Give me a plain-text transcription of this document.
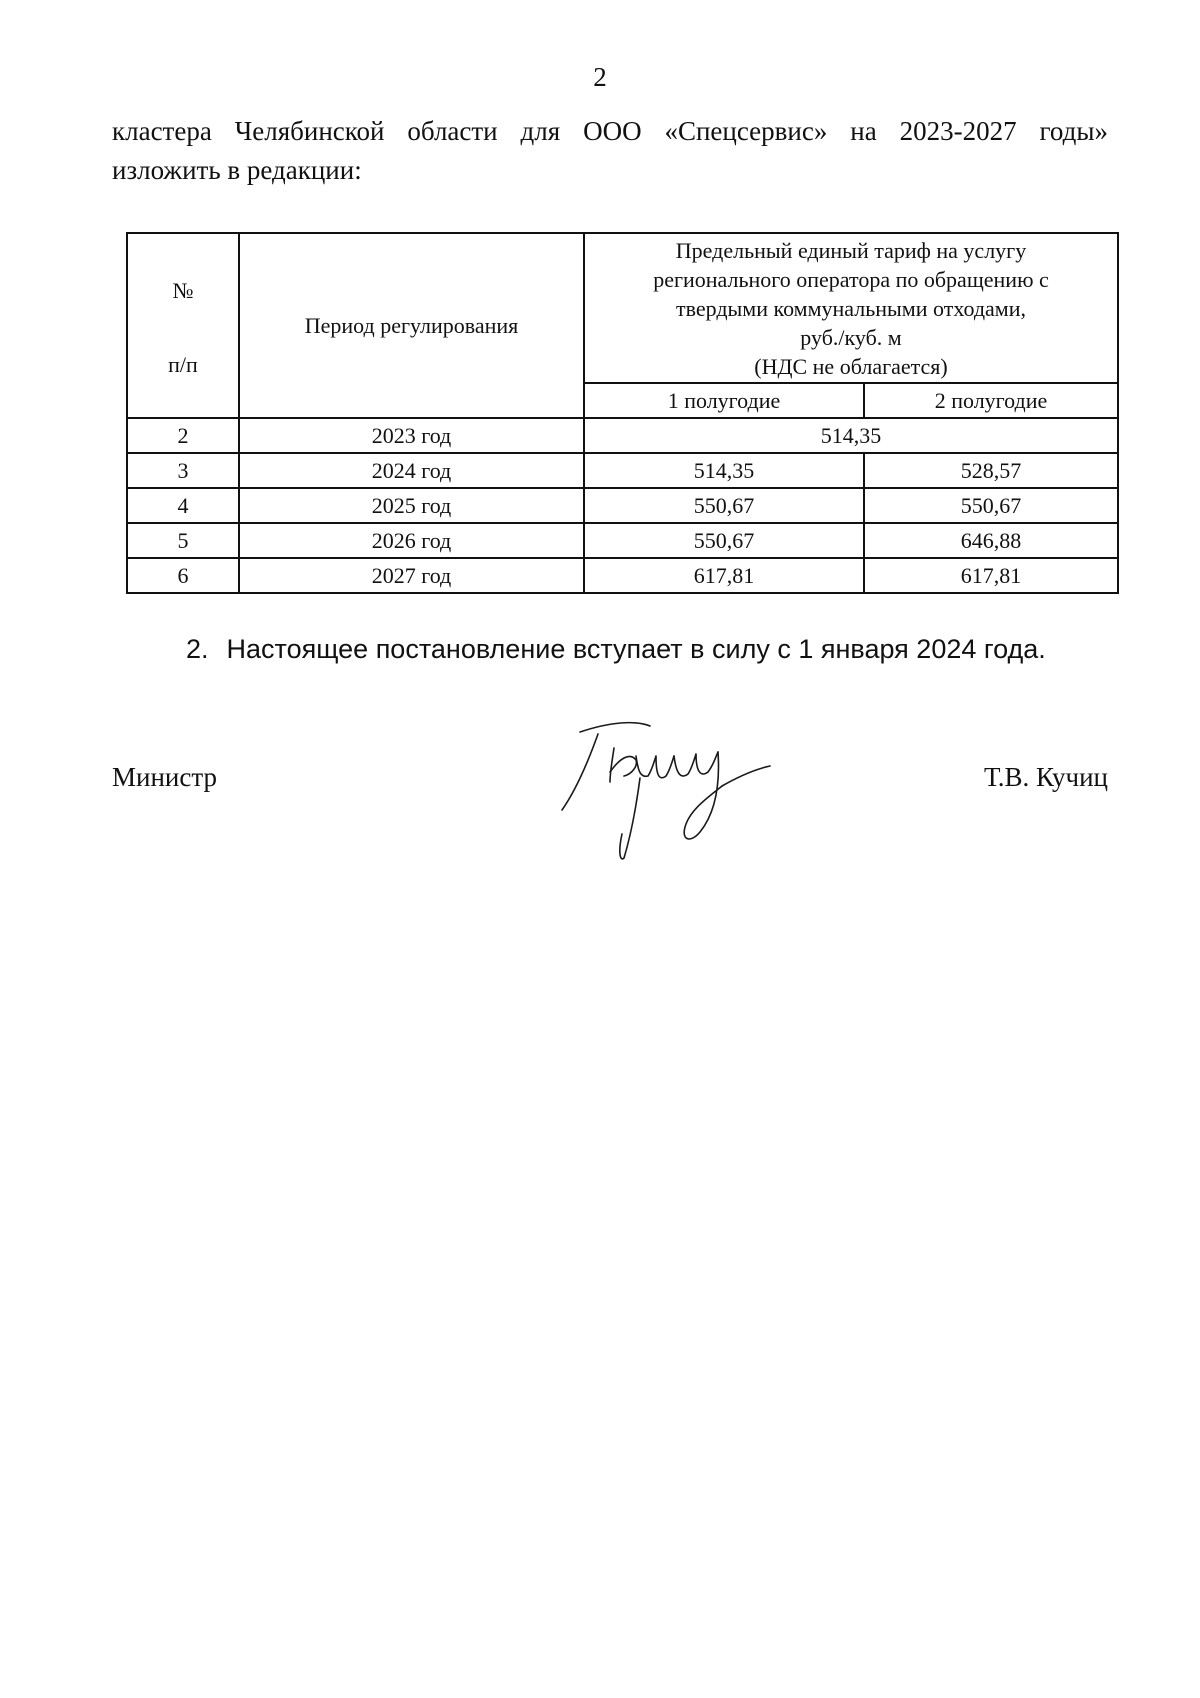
2
кластера Челябинской области для ООО «Спецсервис» на 2023-2027 годы»
изложить в редакции:
№
п/п	Период регулирования	Предельный единый тариф на услугу
регионального оператора по обращению с
твердыми коммунальными отходами,
руб./куб. м
(НДС не облагается)	

		1 полугодие	2 полугодие
2	2023 год	514,35	
3	2024 год	514,35	528,57
4	2025 год	550,67	550,67
5	2026 год	550,67	646,88
6	2027 год	617,81	617,81
2. Настоящее постановление вступает в силу с 1 января 2024 года.
Министр	Т.В. Кучиц
